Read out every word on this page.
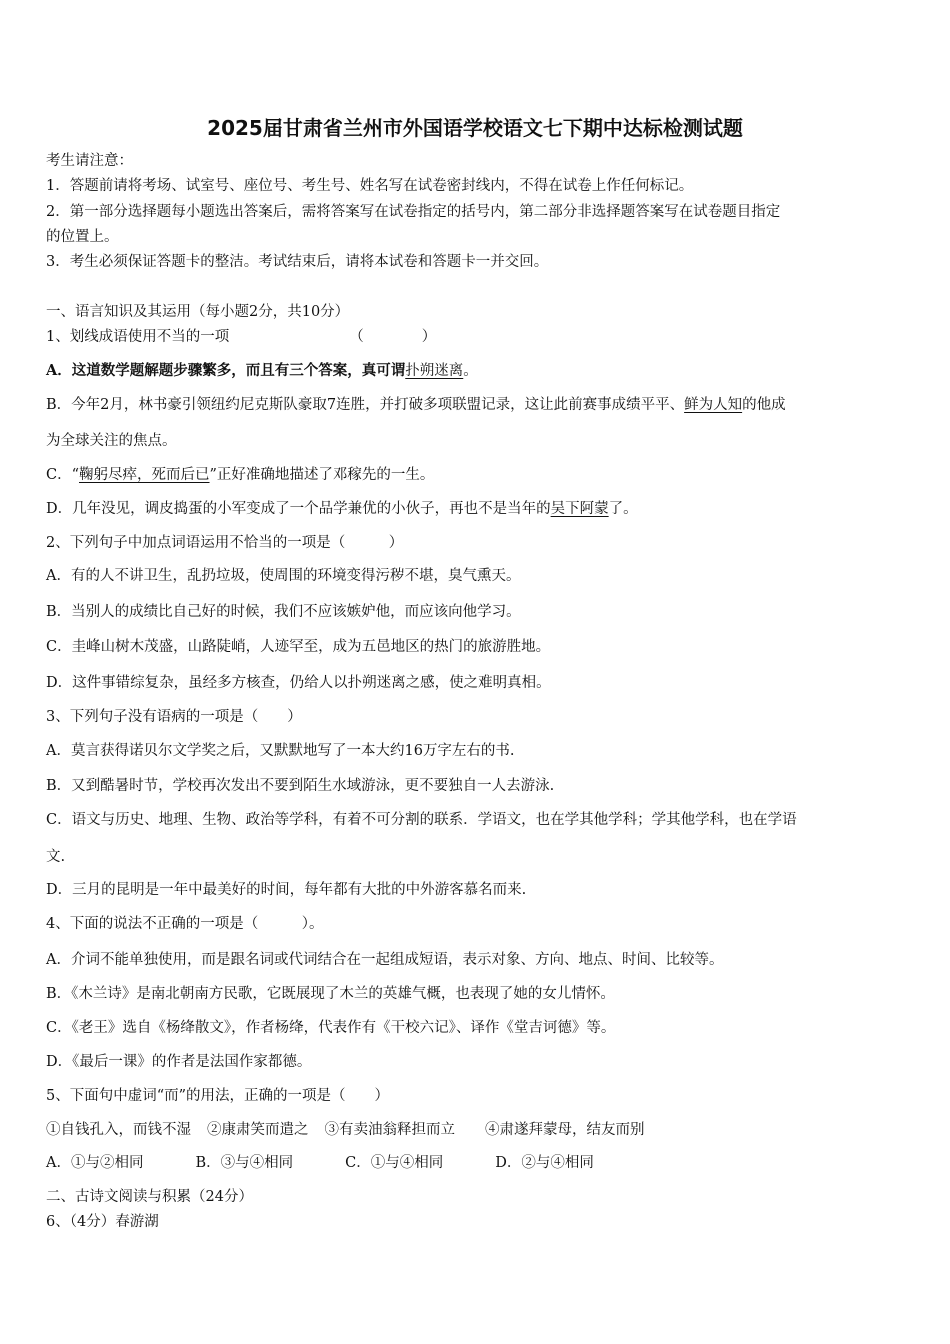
2025届甘肃省兰州市外国语学校语文七下期中达标检测试题
考生请注意：
1．答题前请将考场、试室号、座位号、考生号、姓名写在试卷密封线内，不得在试卷上作任何标记。
2．第一部分选择题每小题选出答案后，需将答案写在试卷指定的括号内，第二部分非选择题答案写在试卷题目指定
的位置上。
3．考生必须保证答题卡的整洁。考试结束后，请将本试卷和答题卡一并交回。
一、语言知识及其运用（每小题2分，共10分）
1、划线成语使用不当的一项	（　　　　）
A．这道数学题解题步骤繁多，而且有三个答案，真可谓扑朔迷离。
B．今年2月，林书豪引领纽约尼克斯队豪取7连胜，并打破多项联盟记录，这让此前赛事成绩平平、鲜为人知的他成
为全球关注的焦点。
C．“鞠躬尽瘁，死而后已”正好准确地描述了邓稼先的一生。
D．几年没见，调皮捣蛋的小军变成了一个品学兼优的小伙子，再也不是当年的吴下阿蒙了。
2、下列句子中加点词语运用不恰当的一项是（　　　）
A．有的人不讲卫生，乱扔垃圾，使周围的环境变得污秽不堪，臭气熏天。
B．当别人的成绩比自己好的时候，我们不应该嫉妒他，而应该向他学习。
C．圭峰山树木茂盛，山路陡峭，人迹罕至，成为五邑地区的热门的旅游胜地。
D．这件事错综复杂，虽经多方核查，仍给人以扑朔迷离之感，使之难明真相。
3、下列句子没有语病的一项是（　　）
A．莫言获得诺贝尔文学奖之后，又默默地写了一本大约16万字左右的书.
B．又到酷暑时节，学校再次发出不要到陌生水域游泳，更不要独自一人去游泳.
C．语文与历史、地理、生物、政治等学科，有着不可分割的联系．学语文，也在学其他学科；学其他学科，也在学语
文.
D．三月的昆明是一年中最美好的时间，每年都有大批的中外游客慕名而来.
4、下面的说法不正确的一项是（　　　）。
A．介词不能单独使用，而是跟名词或代词结合在一起组成短语，表示对象、方向、地点、时间、比较等。
B．《木兰诗》是南北朝南方民歌，它既展现了木兰的英雄气概，也表现了她的女儿情怀。
C．《老王》选自《杨绛散文》，作者杨绛，代表作有《干校六记》、译作《堂吉诃德》等。
D．《最后一课》的作者是法国作家都德。
5、下面句中虚词“而”的用法，正确的一项是（　　）
①自钱孔入，而钱不湿 ②康肃笑而遣之 ③有卖油翁释担而立 ④肃遂拜蒙母，结友而别
A．①与②相同	B．③与④相同	C．①与④相同	D．②与④相同
二、古诗文阅读与积累（24分）
6、（4分）春游湖
